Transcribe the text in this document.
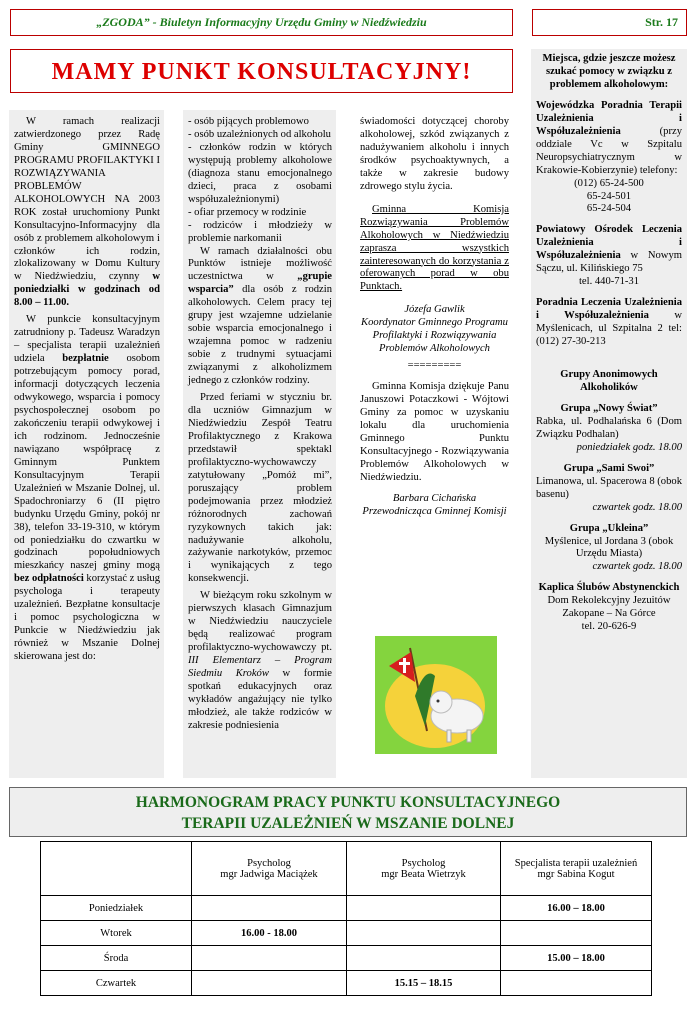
„ZGODA” - Biuletyn Informacyjny Urzędu Gminy w Niedźwiedziu	Str. 17
MAMY PUNKT KONSULTACYJNY!

W ramach realizacji zatwierdzonego przez Radę Gminy GMINNEGO PROGRAMU PROFILAKTYKI I ROZWIĄZYWANIA PROBLEMÓW ALKOHOLOWYCH NA 2003 ROK został uruchomiony Punkt Konsultacyjno-Informacyjny dla osób z problemem alkoholowym i członków ich rodzin, zlokalizowany w Domu Kultury w Niedźwiedziu, czynny w poniedziałki w godzinach od 8.00 – 11.00.

W punkcie konsultacyjnym zatrudniony p. Tadeusz Waradzyn – specjalista terapii uzależnień udziela bezpłatnie osobom potrzebującym pomocy porad, informacji dotyczących leczenia odwykowego, wsparcia i pomocy psychospołecznej osobom po zakończeniu terapii odwykowej i ich rodzinom. Jednocześnie nawiązano współpracę z Gminnym Punktem Konsultacyjnym Terapii Uzależnień w Mszanie Dolnej, ul. Spadochroniarzy 6 (II piętro budynku Urzędu Gminy, pokój nr 38), telefon 33-19-310, w którym od poniedziałku do czwartku w godzinach popołudniowych mieszkańcy naszej gminy mogą bez odpłatności korzystać z usług psychologa i terapeuty uzależnień. Bezpłatne konsultacje i pomoc psychologiczna w Punkcie w Niedźwiedziu jak również w Mszanie Dolnej skierowana jest do:

- osób pijących problemowo
- osób uzależnionych od alkoholu
- członków rodzin w których występują problemy alkoholowe (diagnoza stanu emocjonalnego dzieci, praca z osobami współuzależnionymi)
- ofiar przemocy w rodzinie
- rodziców i młodzieży w problemie narkomanii

W ramach działalności obu Punktów istnieje możliwość uczestnictwa w „grupie wsparcia” dla osób z rodzin alkoholowych. Celem pracy tej grupy jest wzajemne udzielanie sobie wsparcia emocjonalnego i wzajemna pomoc w radzeniu sobie z trudnymi sytuacjami związanymi z alkoholizmem jednego z członków rodziny.

Przed feriami w styczniu br. dla uczniów Gimnazjum w Niedźwiedziu Zespół Teatru Profilaktycznego z Krakowa przedstawił spektakl profilaktyczno-wychowawczy zatytułowany „Pomóż mi”, poruszający problem podejmowania przez młodzież różnorodnych zachowań ryzykownych takich jak: nadużywanie alkoholu, zażywanie narkotyków, przemoc i wynikających z tego konsekwencji.

W bieżącym roku szkolnym w pierwszych klasach Gimnazjum w Niedźwiedziu nauczyciele będą realizować program profilaktyczno-wychowawczy pt. III Elementarz – Program Siedmiu Kroków w formie spotkań edukacyjnych oraz wykładów angażujący nie tylko młodzież, ale także rodziców w zakresie podniesienia

świadomości dotyczącej choroby alkoholowej, szkód związanych z nadużywaniem alkoholu i innych środków psychoaktywnych, a także w zakresie budowy zdrowego stylu życia.

Gminna Komisja Rozwiązywania Problemów Alkoholowych w Niedźwiedziu zaprasza wszystkich zainteresowanych do korzystania z oferowanych porad w obu Punktach.

Józefa Gawlik
Koordynator Gminnego Programu Profilaktyki i Rozwiązywania Problemów Alkoholowych

=========

Gminna Komisja dziękuje Panu Januszowi Potaczkowi - Wójtowi Gminy za pomoc w uzyskaniu lokalu dla uruchomienia Gminnego Punktu Konsultacyjnego - Rozwiązywania Problemów Alkoholowych w Niedźwiedziu.

Barbara Cichańska
Przewodnicząca Gminnej Komisji

Miejsca, gdzie jeszcze możesz szukać pomocy w związku z problemem alkoholowym:

Wojewódzka Poradnia Terapii Uzależnienia i Współuzależnienia (przy oddziale Vc w Szpitalu Neuropsychiatrycznym w Krakowie-Kobierzynie) telefony:

(012) 65-24-500
65-24-501
65-24-504

Powiatowy Ośrodek Leczenia Uzależnienia i Współuzależnienia w Nowym Sączu, ul. Kilińskiego 75

tel. 440-71-31

Poradnia Leczenia Uzależnienia i Współuzależnienia w Myślenicach, ul Szpitalna 2 tel: (012) 27-30-213

Grupy Anonimowych Alkoholików

Grupa „Nowy Świat”
Rabka, ul. Podhalańska 6 (Dom Związku Podhalan)
poniedziałek godz. 18.00
Grupa „Sami Swoi”
Limanowa, ul. Spacerowa 8 (obok basenu)
czwartek godz. 18.00
Grupa „Ukleina”
Myślenice, ul Jordana 3 (obok Urzędu Miasta)
czwartek godz. 18.00
Kaplica Ślubów Abstynenckich
Dom Rekolekcyjny Jezuitów Zakopane – Na Górce
tel. 20-626-9
HARMONOGRAM PRACY PUNKTU KONSULTACYJNEGO
TERAPII UZALEŻNIEŃ W MSZANIE DOLNEJ
	Psycholog
mgr Jadwiga Maciążek	Psycholog
mgr Beata Wietrzyk	Specjalista terapii uzależnień
mgr Sabina Kogut
Poniedziałek			16.00 – 18.00
Wtorek	16.00 - 18.00		
Środa			15.00 – 18.00
Czwartek		15.15 – 18.15	
